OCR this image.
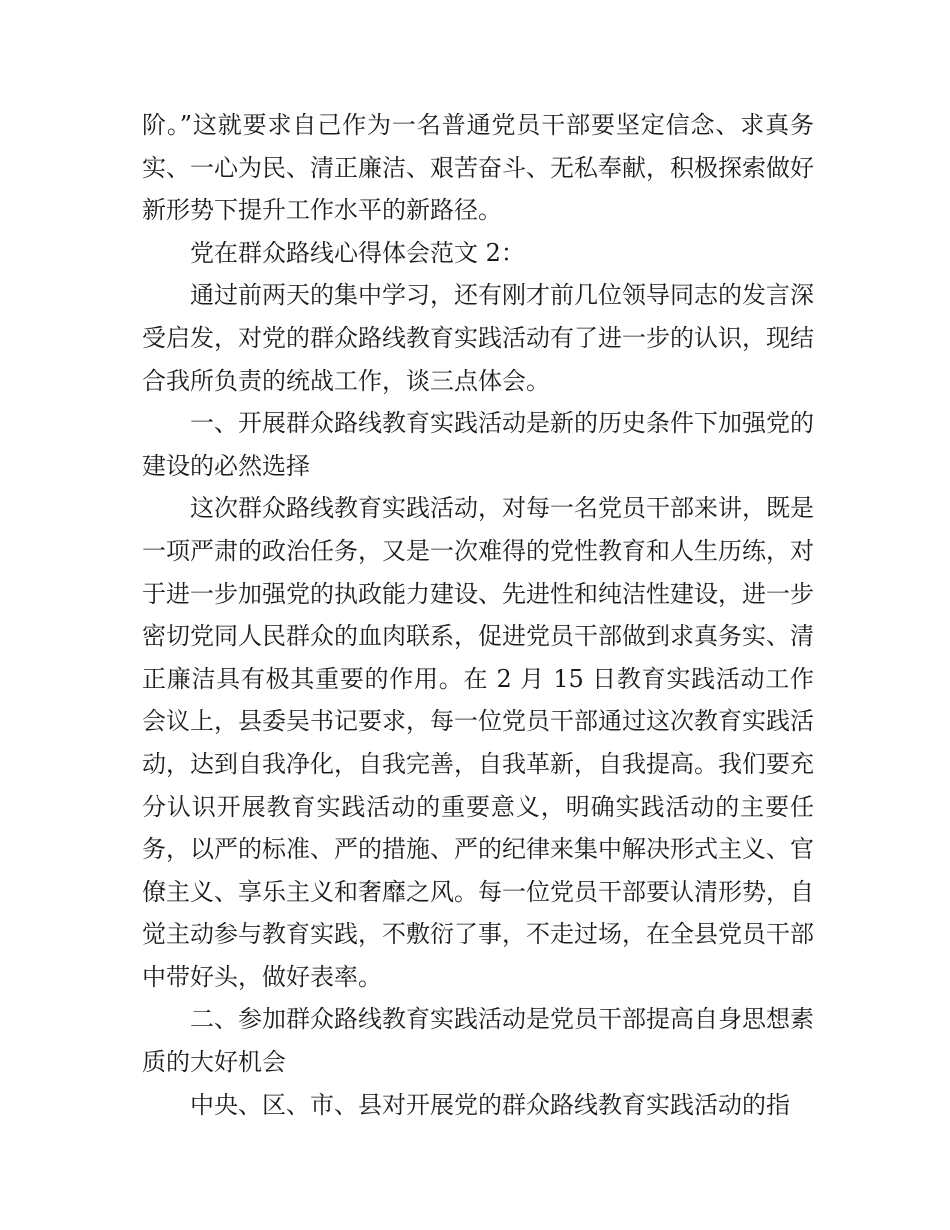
阶。”这就要求自己作为一名普通党员干部要坚定信念、求真务实、一心为民、清正廉洁、艰苦奋斗、无私奉献，积极探索做好新形势下提升工作水平的新路径。

党在群众路线心得体会范文 2：

通过前两天的集中学习，还有刚才前几位领导同志的发言深受启发，对党的群众路线教育实践活动有了进一步的认识，现结合我所负责的统战工作，谈三点体会。

一、开展群众路线教育实践活动是新的历史条件下加强党的建设的必然选择

这次群众路线教育实践活动，对每一名党员干部来讲，既是一项严肃的政治任务，又是一次难得的党性教育和人生历练，对于进一步加强党的执政能力建设、先进性和纯洁性建设，进一步密切党同人民群众的血肉联系，促进党员干部做到求真务实、清正廉洁具有极其重要的作用。在 2 月 15 日教育实践活动工作会议上，县委吴书记要求，每一位党员干部通过这次教育实践活动，达到自我净化，自我完善，自我革新，自我提高。我们要充分认识开展教育实践活动的重要意义，明确实践活动的主要任务，以严的标准、严的措施、严的纪律来集中解决形式主义、官僚主义、享乐主义和奢靡之风。每一位党员干部要认清形势，自觉主动参与教育实践，不敷衍了事，不走过场，在全县党员干部中带好头，做好表率。

二、参加群众路线教育实践活动是党员干部提高自身思想素质的大好机会

中央、区、市、县对开展党的群众路线教育实践活动的指
